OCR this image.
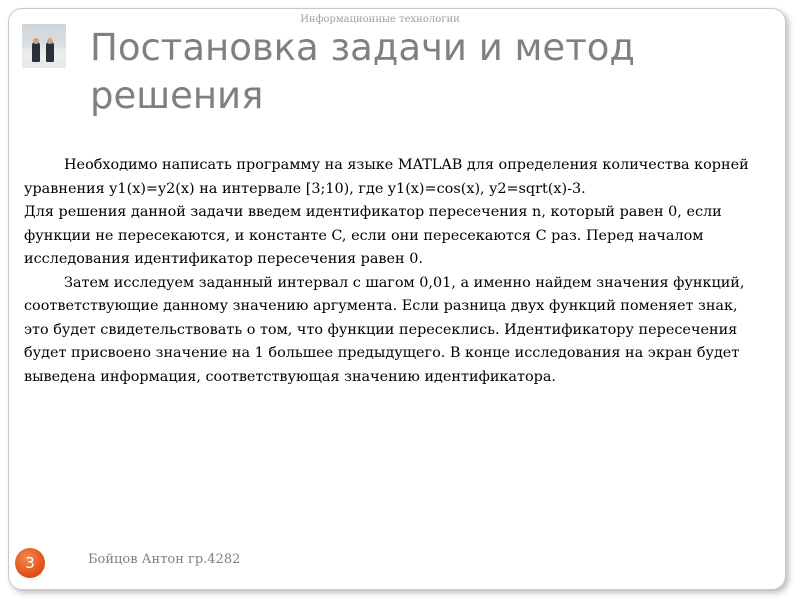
Информационные технологии
Постановка задачи и метод решения

Необходимо написать программу на языке MATLAB для определения количества корней уравнения y1(x)=y2(x) на интервале [3;10), где y1(x)=cos(x), y2=sqrt(x)-3.

Для решения данной задачи введем идентификатор пересечения n, который равен 0, если функции не пересекаются, и константе C, если они пересекаются C раз. Перед началом исследования идентификатор пересечения равен 0.

Затем исследуем заданный интервал с шагом 0,01, а именно найдем значения функций, соответствующие данному значению аргумента. Если разница двух функций поменяет знак, это будет свидетельствовать о том, что функции пересеклись. Идентификатору пересечения будет присвоено значение на 1 большее предыдущего. В конце исследования на экран будет выведена информация, соответствующая значению идентификатора.

3	Бойцов Антон гр.4282
